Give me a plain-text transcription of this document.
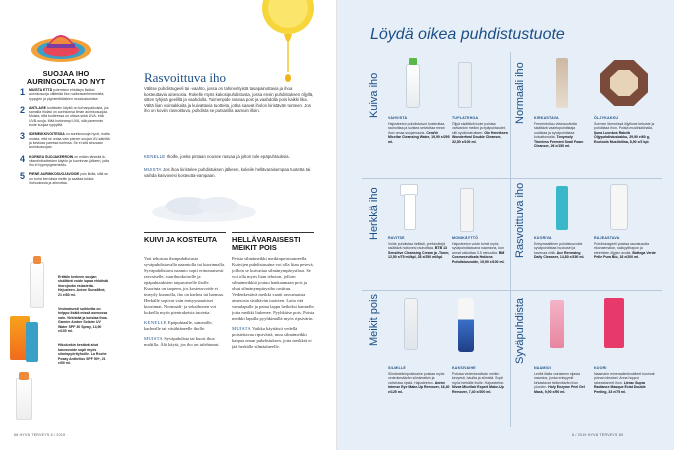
SUOJAA IHO AURINGOLTA JO NYT
1 MUISTA ETTÄ polemisen ehkäisyn lisäksi aurinkosuoja välttelää ihon vaikeavanhenemista, ryppyjen ja pigmenttiläiskien muodostumista.
2 ANTI-AGE tuotteiden käyttö on turhanpaikoista, jos samalla iholasi on aurinkonsa ilman aurinkosuojaa. Muista, että tuotteessa on oltava sekä UVA- että UVB-suoja. Mitä korkeampi UVA, sitä paremmin tuote suojaa ryppyiltä.
3 IDEMEIKKIVOITESSA on aurinkosuoja hyvä, mutta muista, että se ontaa vain pienen suojan UV-säteiltä ja kestoaa paressa tuntinsa. Se ei sitä sinusaan aurinkosuojasi.
4 KORKEA SUOJAKERROIN on eritäin tärkeää ik-vitamiinituotteiden käytön ja kuorinnan jälkeen, jotta iho ei hyperpigmentoidu.
5 PIENE AURINKOSUOJAVOIDE pois ilkilla, sillä se on turha kerroksia meille ja saattaa tukkia ihohuokosia ja aiheuttaa.
Erittäin kerkeen suojan sisältävä voide lupaa ehkäistä ihorojovän esiasteita. Hejusteen. Avène SunsiMed, 21 e/80 ml.
Vesimaisesti suihketta on helppo lisätä missä asenossa vain. Virkistää ja koistaa ihoa. Garnier Ambre Solaire UV Water SPF 30 Spray, 14,90 e/100 ml.
Hikolunkin kestävä ahut kasvovoide sopii myös siiminpyörityhoille. La Roche Posay Anthelios SPF 50+, 21 e/50 ml.
Rasvoittuva iho
Välitse puhdistugeeli tai -vaahto, jossa on tahinerityistä tasapainottavia ja ihoa kosteuttavia ainesosia. Rokelle myös kakosipuhdistusta, jossa ensin puhdistuksen öljyllä, sitten tyhjisä geelillä ja vaahdolla. Toimenpide rasvaa pois ja vaahdolla pois kaikki lika. Vältä liian voimakkaita ja kuivattavia tuotteita, jotka saavat iholon kiristävän tunteen. Jos iho on koviin rasvoittuva, puhdista se putsariilla aamuin illoin.
KENELLE Ihoille, joeka pintaan nousee rasvaa ja jolton tule epäpuhtauksia.
MUISTA Jos ihoa kiristelee puhdistuksen jälkeen, kokeile hellävaraisempaa tuotetta tai vaihda kasvovesi kosteutta-vampaan.
KUIVI JA KOSTEUTA

Voit tehostaa ihonpuhdistusta syväpuhdistavalla naamiolla tai kuorinnalla. Syväpuhdistava naamio sopii erinomaisesti rasvaiselle, suurihuokoiselle ja epäpuhtauksien taipuvaiselle iholle. Kuorinta on tarpeen, jos kosteusvoide ei imeydy kunnolla, iho on karhea tai harmaa. Herkälle sopivat vain entsyymaattiset kuorinnat. Normaali- ja sekaihonen voi kokeilla myös pienirakeista tuotetta.

KENELLE Epäpuhtaalle, sameaille, karhealle tai väsähtäneelle iholle.

MUISTA Syväpuhdista tai kuori ihoa maltilla. Älä käytä, jos iho on tulehtunut.

HELLÄVARAISESTI MEIKIT POIS

Peista silmämeikki meikinpoistoaineella. Kuivijen puhdistusaine voi olla liian pesevä, jolloin se kuivattaa silmänympärysihoa. Se voi olla myös liian tehoton, jolloin silmämeikkiä joutuu hankaamaan pois ja ohut silmänympärysiho rasittuu. Vedenkestävä meikki vaatii rasvamaisia ainesosia sisältävän tuotteen. Laita vää vanulapulle ja paina lappu hetkeksi kannelle, jotta meikki liukenee. Pyyhkäise pois. Poista meikki lapulla pyyhkimällä myös ripsivärin.

MUISTA Vaikka käyttäisit vedellä poistettavaa ripsiväriä, muu silmämeikki kaipaa oman puhdistuksen, jotta meikkiä ei jää herkälle silmäalueelle.

68 HYVÄ TERVEYS 6 / 2019
Löydä oikea puhdistustuote
Kuiva iho	Normaali iho
Herkkä iho	Rasvoittuva iho
Meikit pois	Syväpuhdista
VAHVISTA
Hajusteeton puhdistusvoi kosteuttaa, rauhoittaa ja suitsea selviuttaa mean ihon omaa suojamuuria. CeraVe Micellar Cleansing Water, 19,90 e/295 ml.
TUPLATEHOA
Öljyä sisältävä tuote poistaa vahvankin meikin ja epäpuhtaudet, silti syvälosteuttaen. Ole Henriksen Wonderfowl Double Cleanser, 32,50 e/100 ml.
KIRKASTAVA
Fermentoituu viisiosuuttotta sisältävä vaahtopuhdistaja uudistaa ja syväpuhdistaa kuivattomalta. Tonymoly Timeless Ferment Snail Foam Cleanser, 26 e/150 ml.
ÖLJYKAKKU
Sormen lämmössä öljytiivae kekuste ja puhdistaa ihon. Poista muslinialiinalla. Iluna Luonkos Rakeib Öljypuhdistuskakku, 29,90 e/60 g, Ecotools Muslinliina, 8,90 e/2 kpl.
RAVITSE
Voide puhdistaa hellästi, prebioottejä sisältävä hoitovesi rauhoittaa. BTB 13 Sensitive Cleansing Cream ja -Toner, 12,50 e/75 ml/kpl, 28 e/250 ml/kpl.
MONIKÄYTTÖ
Hajusteeton voide toimii myös syväpuhdistavana naamiona, kun annat vaikuttaa 3-5 minuuttia. BM Cosmeceuticals Hotions Puhdistusvoide, 19,90 e/100 ml.
KUORIVA
Entsymaattinen puhdistusvoide syväpuhdistaa huokoset ja kavenaa niitä. Ace Renewing Daily Cleanser, 14,80 e/150 ml.
RAJEASTAVA
Puhdistusgeeli poistaa rasvatusutta rikonaematon, salicyylihapon ja eteeristen öljyjen avulla. Bottega Verde Pelle Pura Bio, 18 e/200 ml.
SILMILLE
Silmämeikinpoistoaine poistaa myös vedenkestävän silmämeikin ja vahvistaa ripsiä. Hajusteeton. Avène Intense Eye Make-Up Remover, 16,40 e/125 ml.
KAKSIVAIHE
Poistaa vedenkestävän meikin kevyesti, hauilta ja silmistä. Sopii myös herkälle iholle. Hajusteeton. Nivea Micellair Expert Make-Up Remover, 7,40 e/200 ml.
NAAMIOI
Levitä illalla voiraiseen sijasta naamios, jonka entsyymit kirkastavat heikentävän ihon yöunien. Holy Enzyme Peel Gel Mask, 9,90 e/50 ml.
KUORI
Naamarin mineraalimikrokiteet kuorivat pinnan ideoiset. Anna hoppoi rakeastaneet ihon. Lierac Supra Radiance Masque Éclat Double Peeling, 33 e/75 ml.
6 / 2019 HYVÄ TERVEYS 69
